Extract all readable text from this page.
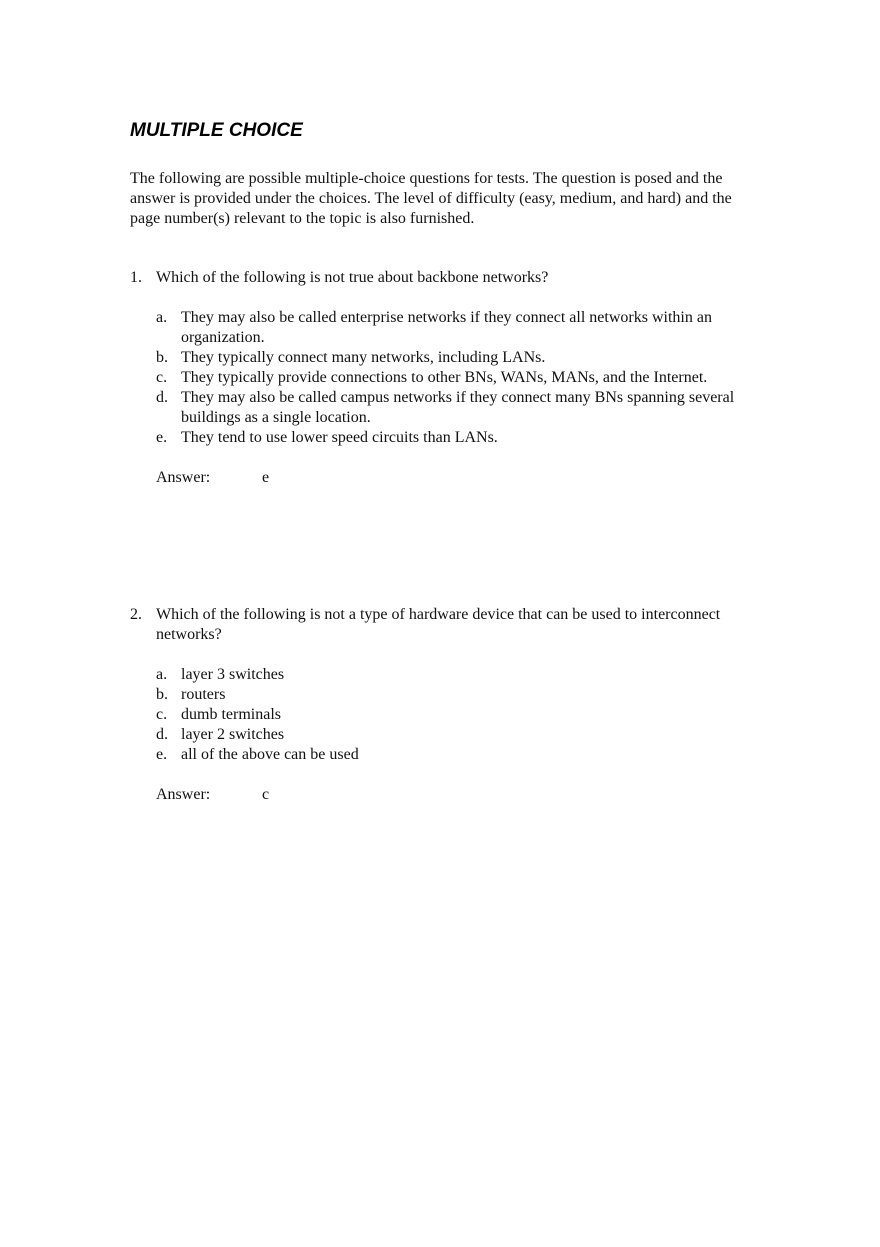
MULTIPLE CHOICE

The following are possible multiple-choice questions for tests. The question is posed and the answer is provided under the choices. The level of difficulty (easy, medium, and hard) and the page number(s) relevant to the topic is also furnished.

1. Which of the following is not true about backbone networks?
a. They may also be called enterprise networks if they connect all networks within an organization.
b. They typically connect many networks, including LANs.
c. They typically provide connections to other BNs, WANs, MANs, and the Internet.
d. They may also be called campus networks if they connect many BNs spanning several buildings as a single location.
e. They tend to use lower speed circuits than LANs.
Answer:	e
2. Which of the following is not a type of hardware device that can be used to interconnect networks?
a. layer 3 switches
b. routers
c. dumb terminals
d. layer 2 switches
e. all of the above can be used
Answer:	c
